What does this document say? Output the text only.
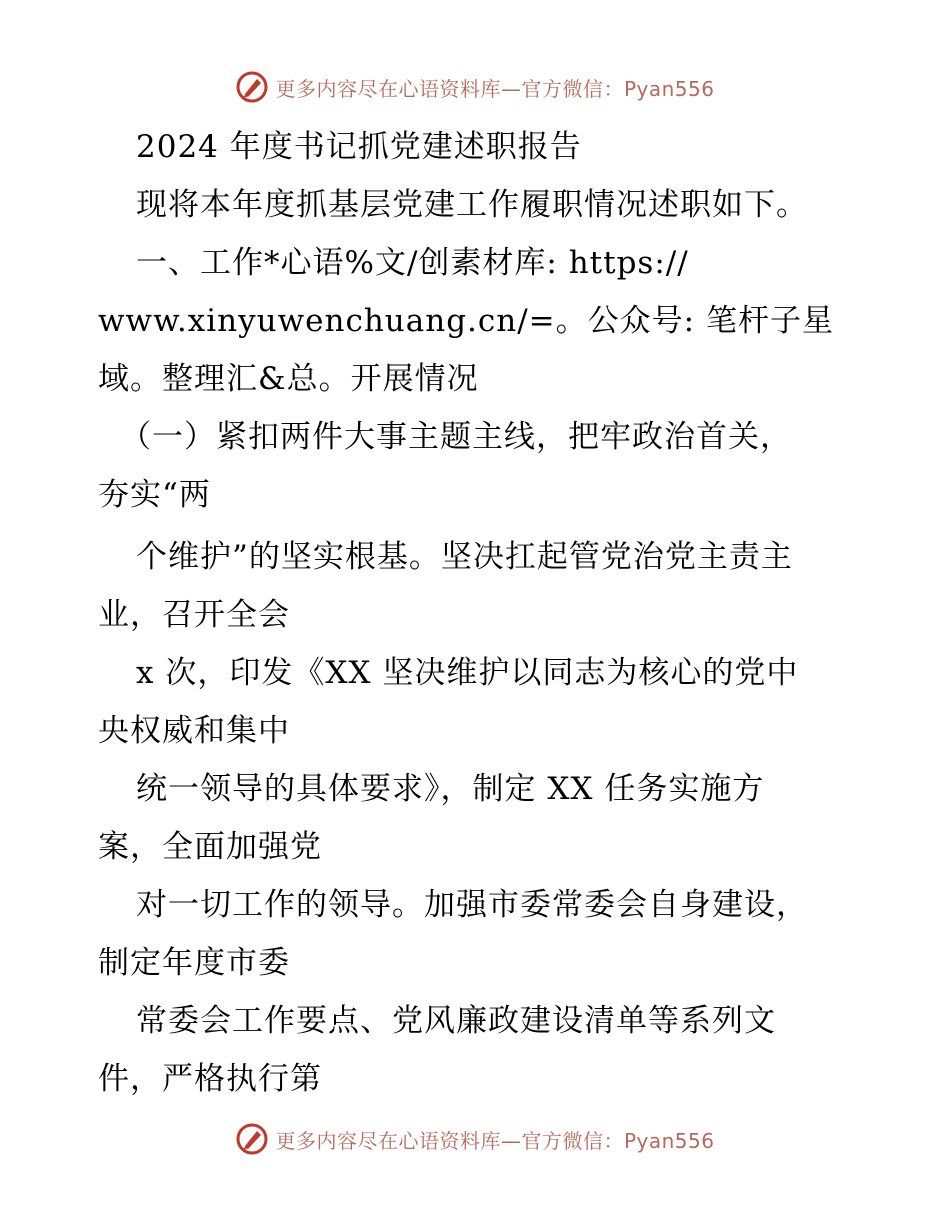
更多内容尽在心语资料库—官方微信：Pyan556
2024 年度书记抓党建述职报告
现将本年度抓基层党建工作履职情况述职如下。
一、工作*心语%文/创素材库: https://
www.xinyuwenchuang.cn/=。公众号: 笔杆子星
域。整理汇&总。开展情况
（一）紧扣两件大事主题主线，把牢政治首关，
夯实“两
个维护”的坚实根基。坚决扛起管党治党主责主
业，召开全会
x 次，印发《XX 坚决维护以同志为核心的党中
央权威和集中
统一领导的具体要求》，制定 XX 任务实施方
案，全面加强党
对一切工作的领导。加强市委常委会自身建设，
制定年度市委
常委会工作要点、党风廉政建设清单等系列文
件，严格执行第
更多内容尽在心语资料库—官方微信：Pyan556
